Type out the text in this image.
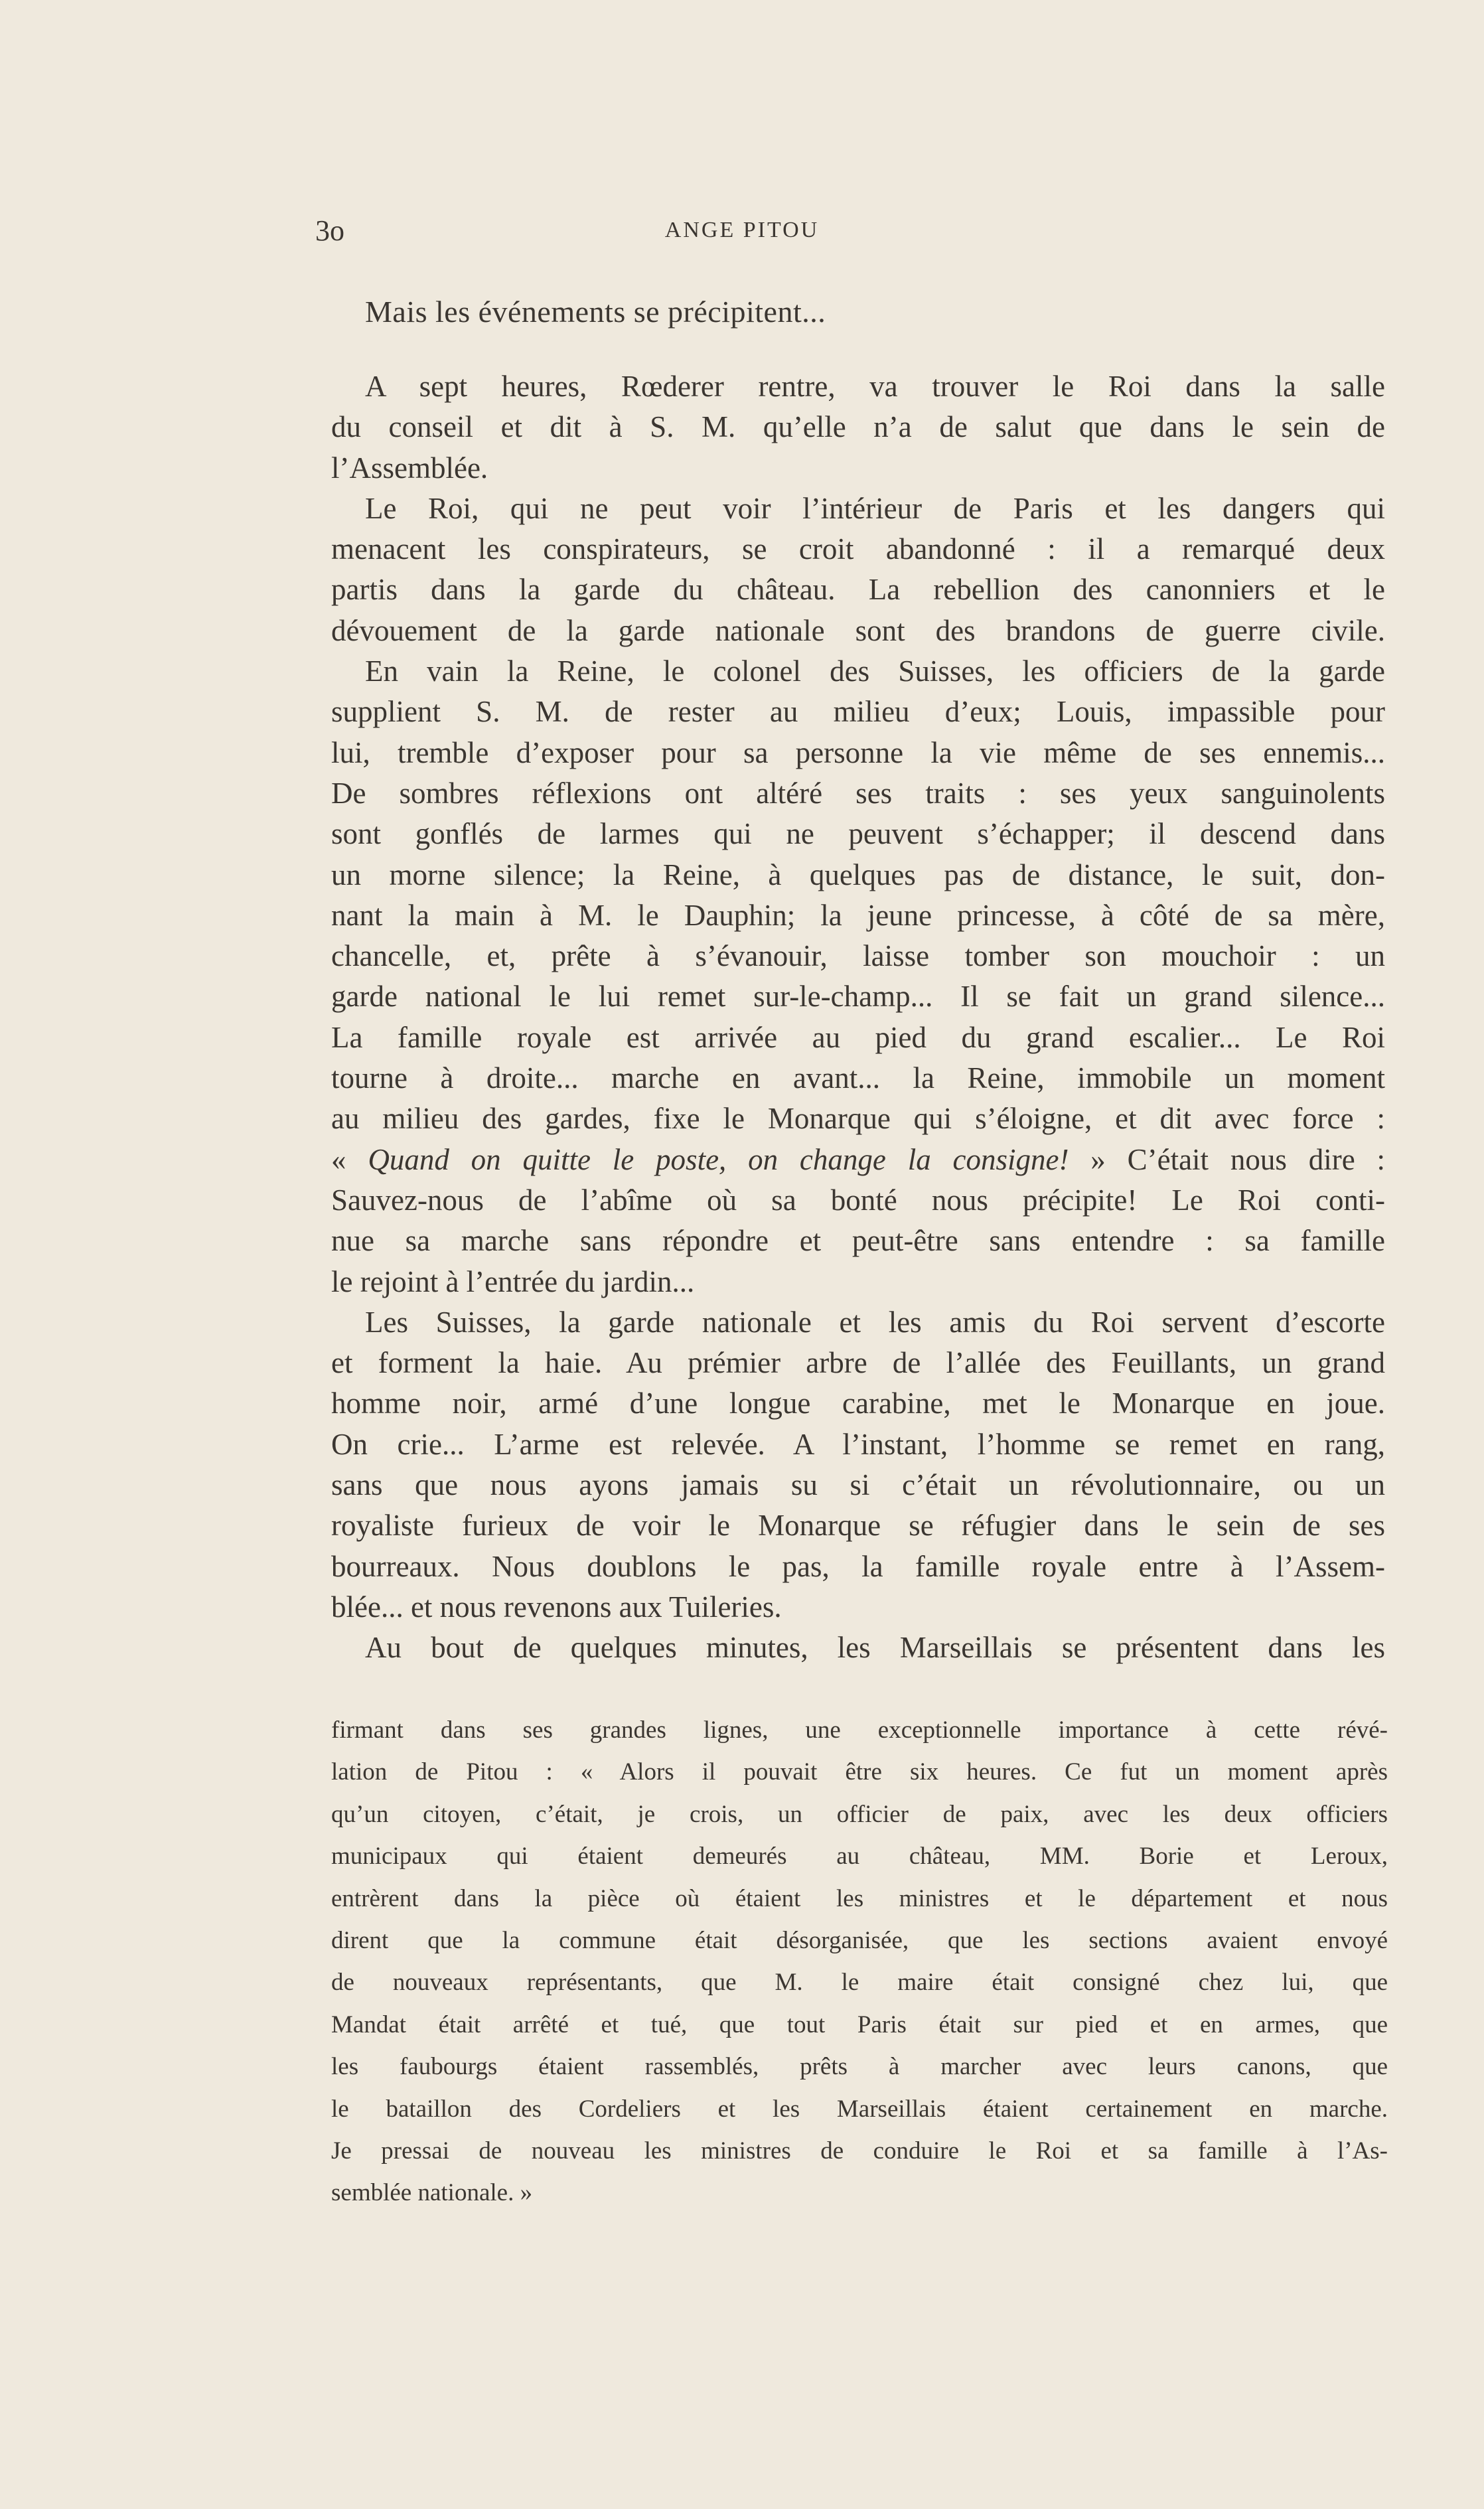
3o	ANGE PITOU
Mais les événements se précipitent...
A sept heures, Rœderer rentre, va trouver le Roi dans la salle
du conseil et dit à S. M. qu’elle n’a de salut que dans le sein de
l’Assemblée.
Le Roi, qui ne peut voir l’intérieur de Paris et les dangers qui
menacent les conspirateurs, se croit abandonné : il a remarqué deux
partis dans la garde du château. La rebellion des canonniers et le
dévouement de la garde nationale sont des brandons de guerre civile.
En vain la Reine, le colonel des Suisses, les officiers de la garde
supplient S. M. de rester au milieu d’eux; Louis, impassible pour
lui, tremble d’exposer pour sa personne la vie même de ses ennemis...
De sombres réflexions ont altéré ses traits : ses yeux sanguinolents
sont gonflés de larmes qui ne peuvent s’échapper; il descend dans
un morne silence; la Reine, à quelques pas de distance, le suit, don-
nant la main à M. le Dauphin; la jeune princesse, à côté de sa mère,
chancelle, et, prête à s’évanouir, laisse tomber son mouchoir : un
garde national le lui remet sur-le-champ... Il se fait un grand silence...
La famille royale est arrivée au pied du grand escalier... Le Roi
tourne à droite... marche en avant... la Reine, immobile un moment
au milieu des gardes, fixe le Monarque qui s’éloigne, et dit avec force :
« Quand on quitte le poste, on change la consigne! » C’était nous dire :
Sauvez-nous de l’abîme où sa bonté nous précipite! Le Roi conti-
nue sa marche sans répondre et peut-être sans entendre : sa famille
le rejoint à l’entrée du jardin...
Les Suisses, la garde nationale et les amis du Roi servent d’escorte
et forment la haie. Au prémier arbre de l’allée des Feuillants, un grand
homme noir, armé d’une longue carabine, met le Monarque en joue.
On crie... L’arme est relevée. A l’instant, l’homme se remet en rang,
sans que nous ayons jamais su si c’était un révolutionnaire, ou un
royaliste furieux de voir le Monarque se réfugier dans le sein de ses
bourreaux. Nous doublons le pas, la famille royale entre à l’Assem-
blée... et nous revenons aux Tuileries.
Au bout de quelques minutes, les Marseillais se présentent dans les
firmant dans ses grandes lignes, une exceptionnelle importance à cette révé-
lation de Pitou : « Alors il pouvait être six heures. Ce fut un moment après
qu’un citoyen, c’était, je crois, un officier de paix, avec les deux officiers
municipaux qui étaient demeurés au château, MM. Borie et Leroux,
entrèrent dans la pièce où étaient les ministres et le département et nous
dirent que la commune était désorganisée, que les sections avaient envoyé
de nouveaux représentants, que M. le maire était consigné chez lui, que
Mandat était arrêté et tué, que tout Paris était sur pied et en armes, que
les faubourgs étaient rassemblés, prêts à marcher avec leurs canons, que
le bataillon des Cordeliers et les Marseillais étaient certainement en marche.
Je pressai de nouveau les ministres de conduire le Roi et sa famille à l’As-
semblée nationale. »
